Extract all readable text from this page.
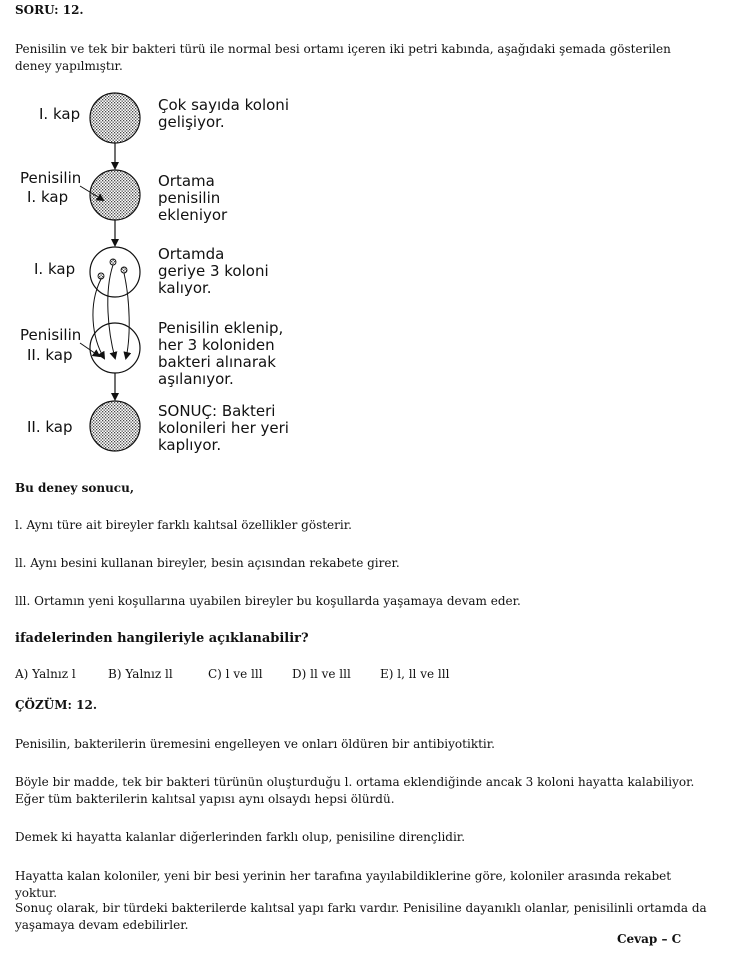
SORU: 12.
Penisilin ve tek bir bakteri türü ile normal besi ortamı içeren iki petri kabında, aşağıdaki şemada gösterilen deney yapılmıştır.
I. kap
Penisilin
I. kap
I. kap
Penisilin
II. kap
II. kap
Çok sayıda koloni
gelişiyor.
Ortama
penisilin
ekleniyor
Ortamda
geriye 3 koloni
kalıyor.
Penisilin eklenip,
her 3 koloniden
bakteri alınarak
aşılanıyor.
SONUÇ: Bakteri
kolonileri her yeri
kaplıyor.
Bu deney sonucu,
l. Aynı türe ait bireyler farklı kalıtsal özellikler gösterir.
ll. Aynı besini kullanan bireyler, besin açısından rekabete girer.
lll. Ortamın yeni koşullarına uyabilen bireyler bu koşullarda yaşamaya devam eder.
ifadelerinden hangileriyle açıklanabilir?
A) Yalnız l	B) Yalnız ll	C) l ve lll D) ll ve lll E) l, ll ve lll
ÇÖZÜM: 12.
Penisilin, bakterilerin üremesini engelleyen ve onları öldüren bir antibiyotiktir.
Böyle bir madde, tek bir bakteri türünün oluşturduğu l. ortama eklendiğinde ancak 3 koloni hayatta kalabiliyor. Eğer tüm bakterilerin kalıtsal yapısı aynı olsaydı hepsi ölürdü.
Demek ki hayatta kalanlar diğerlerinden farklı olup, penisiline dirençlidir.
Hayatta kalan koloniler, yeni bir besi yerinin her tarafına yayılabildiklerine göre, koloniler arasında rekabet yoktur.
Sonuç olarak, bir türdeki bakterilerde kalıtsal yapı farkı vardır. Penisiline dayanıklı olanlar, penisilinli ortamda da yaşamaya devam edebilirler.
Cevap – C
